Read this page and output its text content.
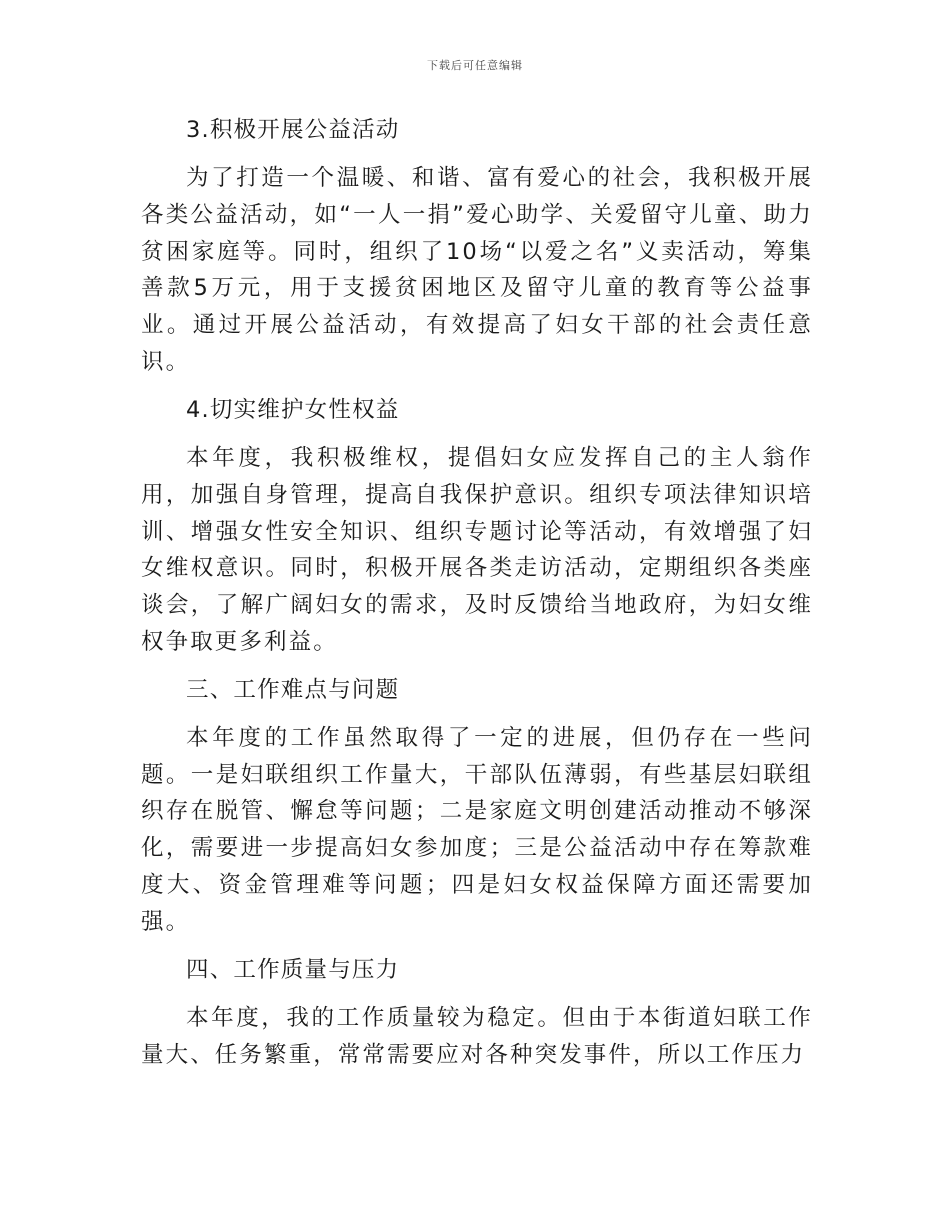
下载后可任意编辑
3.积极开展公益活动
为了打造一个温暖、和谐、富有爱心的社会，我积极开展各类公益活动，如“一人一捐”爱心助学、关爱留守儿童、助力贫困家庭等。同时，组织了10场“以爱之名”义卖活动，筹集善款5万元，用于支援贫困地区及留守儿童的教育等公益事业。通过开展公益活动，有效提高了妇女干部的社会责任意识。
4.切实维护女性权益
本年度，我积极维权，提倡妇女应发挥自己的主人翁作用，加强自身管理，提高自我保护意识。组织专项法律知识培训、增强女性安全知识、组织专题讨论等活动，有效增强了妇女维权意识。同时，积极开展各类走访活动，定期组织各类座谈会，了解广阔妇女的需求，及时反馈给当地政府，为妇女维权争取更多利益。
三、工作难点与问题
本年度的工作虽然取得了一定的进展，但仍存在一些问题。一是妇联组织工作量大，干部队伍薄弱，有些基层妇联组织存在脱管、懈怠等问题；二是家庭文明创建活动推动不够深化，需要进一步提高妇女参加度；三是公益活动中存在筹款难度大、资金管理难等问题；四是妇女权益保障方面还需要加强。
四、工作质量与压力
本年度，我的工作质量较为稳定。但由于本街道妇联工作量大、任务繁重，常常需要应对各种突发事件，所以工作压力
